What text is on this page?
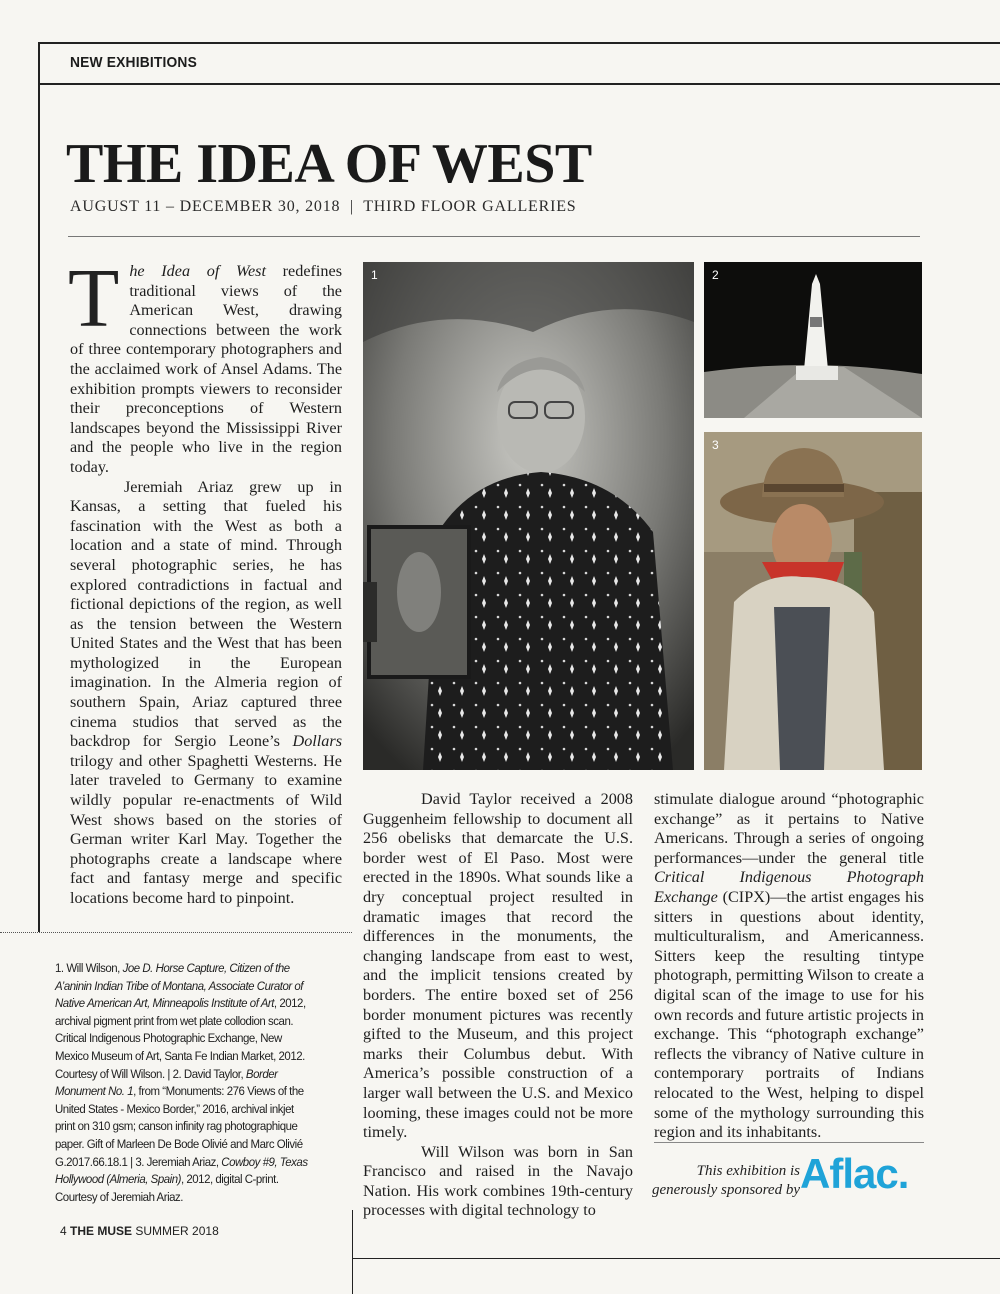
NEW EXHIBITIONS
THE IDEA OF WEST
AUGUST 11 – DECEMBER 30, 2018  |  THIRD FLOOR GALLERIES

The Idea of West redefines traditional views of the American West, drawing connections between the work of three contemporary photographers and the acclaimed work of Ansel Adams. The exhibition prompts viewers to reconsider their preconceptions of Western landscapes beyond the Mississippi River and the people who live in the region today.

Jeremiah Ariaz grew up in Kansas, a setting that fueled his fascination with the West as both a location and a state of mind. Through several photographic series, he has explored contradictions in factual and fictional depictions of the region, as well as the tension between the Western United States and the West that has been mythologized in the European imagination. In the Almeria region of southern Spain, Ariaz captured three cinema studios that served as the backdrop for Sergio Leone’s Dollars trilogy and other Spaghetti Westerns. He later traveled to Germany to examine wildly popular re-enactments of Wild West shows based on the stories of German writer Karl May. Together the photographs create a landscape where fact and fantasy merge and specific locations become hard to pinpoint.

1	2
3

David Taylor received a 2008 Guggenheim fellowship to document all 256 obelisks that demarcate the U.S. border west of El Paso. Most were erected in the 1890s. What sounds like a dry conceptual project resulted in dramatic images that record the differences in the monuments, the changing landscape from east to west, and the implicit tensions created by borders. The entire boxed set of 256 border monument pictures was recently gifted to the Museum, and this project marks their Columbus debut. With America’s possible construction of a larger wall between the U.S. and Mexico looming, these images could not be more timely.

Will Wilson was born in San Francisco and raised in the Navajo Nation. His work combines 19th-century processes with digital technology to

stimulate dialogue around “photographic exchange” as it pertains to Native Americans. Through a series of ongoing performances—under the general title Critical Indigenous Photograph Exchange (CIPX)—the artist engages his sitters in questions about identity, multiculturalism, and Americanness. Sitters keep the resulting tintype photograph, permitting Wilson to create a digital scan of the image to use for his own records and future artistic projects in exchange. This “photograph exchange” reflects the vibrancy of Native culture in contemporary portraits of Indians relocated to the West, helping to dispel some of the mythology surrounding this region and its inhabitants.

This exhibition is
generously sponsored by Aflac.
1. Will Wilson, Joe D. Horse Capture, Citizen of the A’aninin Indian Tribe of Montana, Associate Curator of Native American Art, Minneapolis Institute of Art, 2012, archival pigment print from wet plate collodion scan. Critical Indigenous Photographic Exchange, New Mexico Museum of Art, Santa Fe Indian Market, 2012. Courtesy of Will Wilson. | 2. David Taylor, Border Monument No. 1, from “Monuments: 276 Views of the United States - Mexico Border,” 2016, archival inkjet print on 310 gsm; canson infinity rag photographique paper. Gift of Marleen De Bode Olivié and Marc Olivié G.2017.66.18.1 | 3. Jeremiah Ariaz, Cowboy #9, Texas Hollywood (Almeria, Spain), 2012, digital C-print. Courtesy of Jeremiah Ariaz.
4 THE MUSE SUMMER 2018
